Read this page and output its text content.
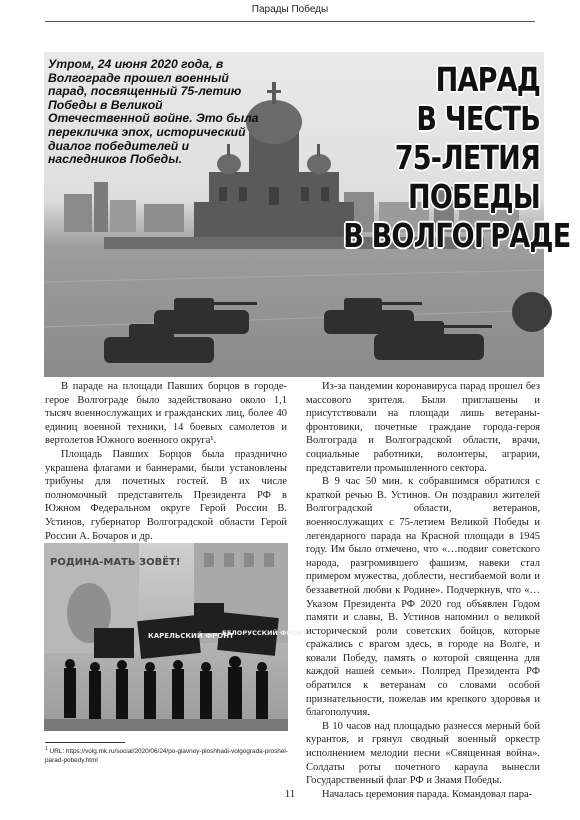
Парады Победы

Утром, 24 июня 2020 года, в Волгограде прошел военный парад, посвященный 75-летию Победы в Великой Отечественной войне. Это была перекличка эпох, исторический диалог победителей и наследников Победы.

ПАРАД
В ЧЕСТЬ
75-ЛЕТИЯ
ПОБЕДЫ
В ВОЛГОГРАДЕ

В параде на площади Павших борцов в городе-герое Волгограде было задействовано около 1,1 тысяч военнослужащих и гражданских лиц, более 40 единиц военной техники, 14 боевых самолетов и вертолетов Южного военного округа¹.

Площадь Павших Борцов была празднично украшена флагами и баннерами, были установлены трибуны для почетных гостей. В их числе полномочный представитель Президента РФ в Южном Федеральном округе Герой России В. Устинов, губернатор Волгоградской области Герой России А. Бочаров и др.

РОДИНА-МАТЬ ЗОВЁТ!
КАРЕЛЬСКИЙ ФРОНТ
БЕЛОРУССКИЙ ФРОНТ
$^1$ URL: https://volg.mk.ru/social/2020/06/24/po-glavnoy-ploshhadi-volgograda-proshel-parad-pobedy.html

Из-за пандемии коронавируса парад прошел без массового зрителя. Были приглашены и присутствовали на площади лишь ветераны-фронтовики, почетные граждане города-героя Волгограда и Волгоградской области, врачи, социальные работники, волонтеры, аграрии, представители промышленного сектора.

В 9 час 50 мин. к собравшимся обратился с краткой речью В. Устинов. Он поздравил жителей Волгоградской области, ветеранов, военнослужащих с 75-летием Великой Победы и легендарного парада на Красной площади в 1945 году. Им было отмечено, что «…подвиг советского народа, разгромившего фашизм, навеки стал примером мужества, доблести, несгибаемой воли и беззаветной любви к Родине». Подчеркнув, что «…Указом Президента РФ 2020 год объявлен Годом памяти и славы, В. Устинов напомнил о великой исторической роли советских бойцов, которые сражались с врагом здесь, в городе на Волге, и ковали Победу, память о которой священна для каждой нашей семьи». Полпред Президента РФ обратился к ветеранам со словами особой признательности, пожелав им крепкого здоровья и благополучия.

В 10 часов над площадью разнесся мерный бой курантов, и грянул сводный военный оркестр исполнением мелодии песни «Священная война». Солдаты роты почетного караула вынесли Государственный флаг РФ и Знамя Победы.

Началась церемония парада. Командовал пара-

11
